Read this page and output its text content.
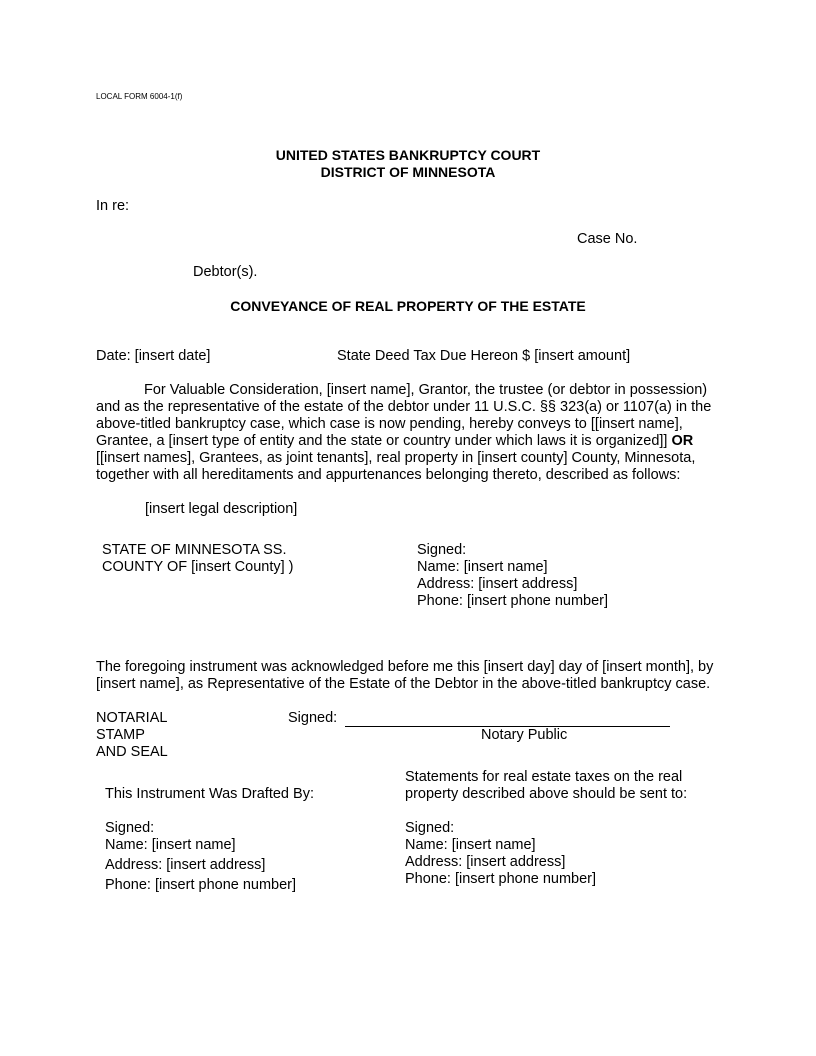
LOCAL FORM 6004-1(f)
UNITED STATES BANKRUPTCY COURT
DISTRICT OF MINNESOTA
In re:
Case No.
Debtor(s).
CONVEYANCE OF REAL PROPERTY OF THE ESTATE
Date: [insert date]	State Deed Tax Due Hereon $ [insert amount]

For Valuable Consideration, [insert name], Grantor, the trustee (or debtor in possession)

and as the representative of the estate of the debtor under 11 U.S.C. §§ 323(a) or 1107(a) in the

above-titled bankruptcy case, which case is now pending, hereby conveys to [[insert name],

Grantee, a [insert type of entity and the state or country under which laws it is organized]] OR

[[insert names], Grantees, as joint tenants], real property in [insert county] County, Minnesota,

together with all hereditaments and appurtenances belonging thereto, described as follows:

[insert legal description]
STATE OF MINNESOTA SS.
COUNTY OF [insert County] )
Signed:
Name: [insert name]
Address: [insert address]
Phone: [insert phone number]

The foregoing instrument was acknowledged before me this [insert day] day of [insert month], by

[insert name], as Representative of the Estate of the Debtor in the above-titled bankruptcy case.

NOTARIAL
STAMP
AND SEAL
Signed:
Notary Public
This Instrument Was Drafted By:
Signed:
Name: [insert name]
Address: [insert address]
Phone: [insert phone number]
Statements for real estate taxes on the real
property described above should be sent to:
Signed:
Name: [insert name]
Address: [insert address]
Phone: [insert phone number]
